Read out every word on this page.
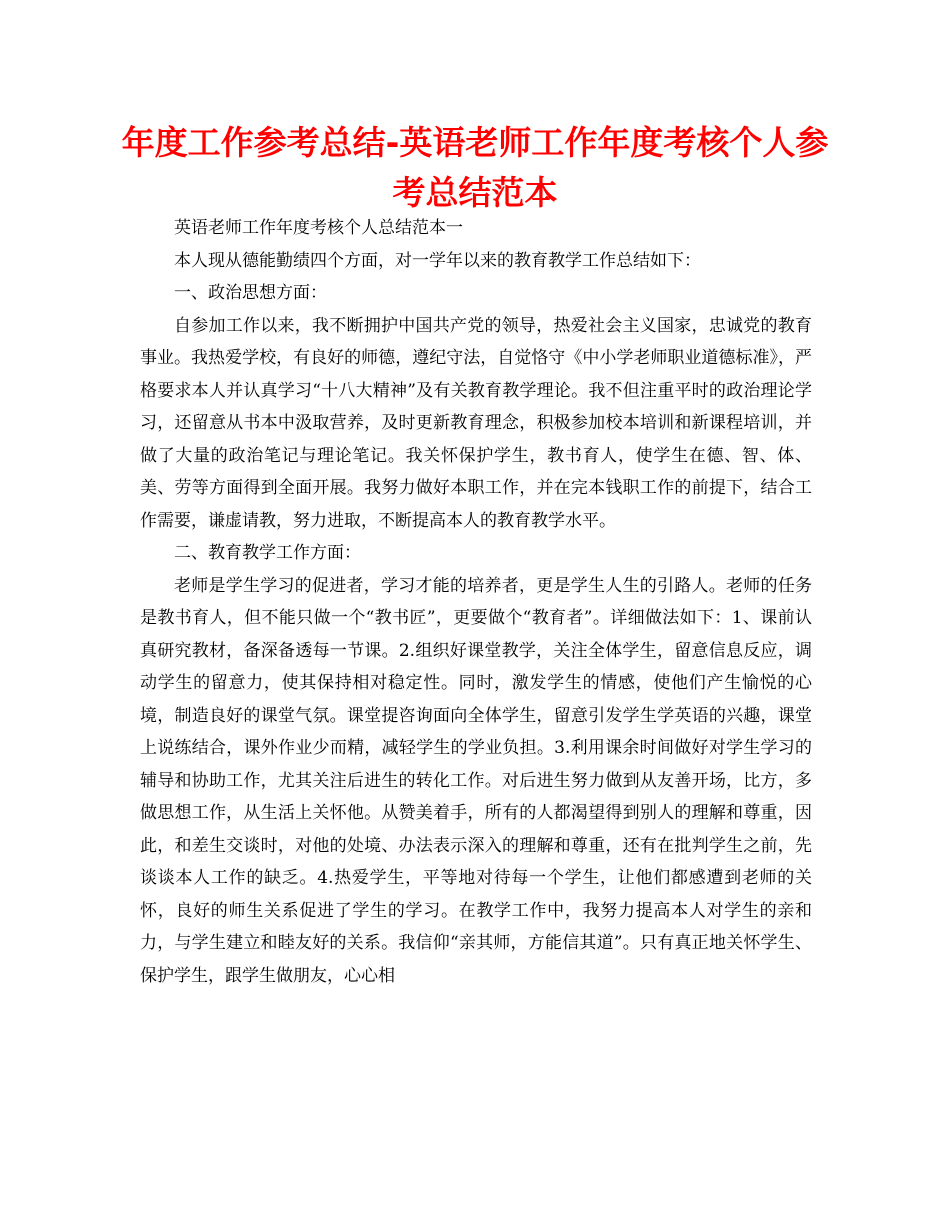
年度工作参考总结-英语老师工作年度考核个人参考总结范本

英语老师工作年度考核个人总结范本一

本人现从德能勤绩四个方面，对一学年以来的教育教学工作总结如下：

一、政治思想方面：

自参加工作以来，我不断拥护中国共产党的领导，热爱社会主义国家，忠诚党的教育事业。我热爱学校，有良好的师德，遵纪守法，自觉恪守《中小学老师职业道德标准》，严格要求本人并认真学习“十八大精神”及有关教育教学理论。我不但注重平时的政治理论学习，还留意从书本中汲取营养，及时更新教育理念，积极参加校本培训和新课程培训，并做了大量的政治笔记与理论笔记。我关怀保护学生，教书育人，使学生在德、智、体、美、劳等方面得到全面开展。我努力做好本职工作，并在完本钱职工作的前提下，结合工作需要，谦虚请教，努力进取，不断提高本人的教育教学水平。

二、教育教学工作方面：

老师是学生学习的促进者，学习才能的培养者，更是学生人生的引路人。老师的任务是教书育人，但不能只做一个“教书匠”，更要做个“教育者”。详细做法如下：1、课前认真研究教材，备深备透每一节课。2.组织好课堂教学，关注全体学生，留意信息反应，调动学生的留意力，使其保持相对稳定性。同时，激发学生的情感，使他们产生愉悦的心境，制造良好的课堂气氛。课堂提咨询面向全体学生，留意引发学生学英语的兴趣，课堂上说练结合，课外作业少而精，减轻学生的学业负担。3.利用课余时间做好对学生学习的辅导和协助工作，尤其关注后进生的转化工作。对后进生努力做到从友善开场，比方，多做思想工作，从生活上关怀他。从赞美着手，所有的人都渴望得到别人的理解和尊重，因此，和差生交谈时，对他的处境、办法表示深入的理解和尊重，还有在批判学生之前，先谈谈本人工作的缺乏。4.热爱学生，平等地对待每一个学生，让他们都感遭到老师的关怀，良好的师生关系促进了学生的学习。在教学工作中，我努力提高本人对学生的亲和力，与学生建立和睦友好的关系。我信仰“亲其师，方能信其道”。只有真正地关怀学生、保护学生，跟学生做朋友，心心相
